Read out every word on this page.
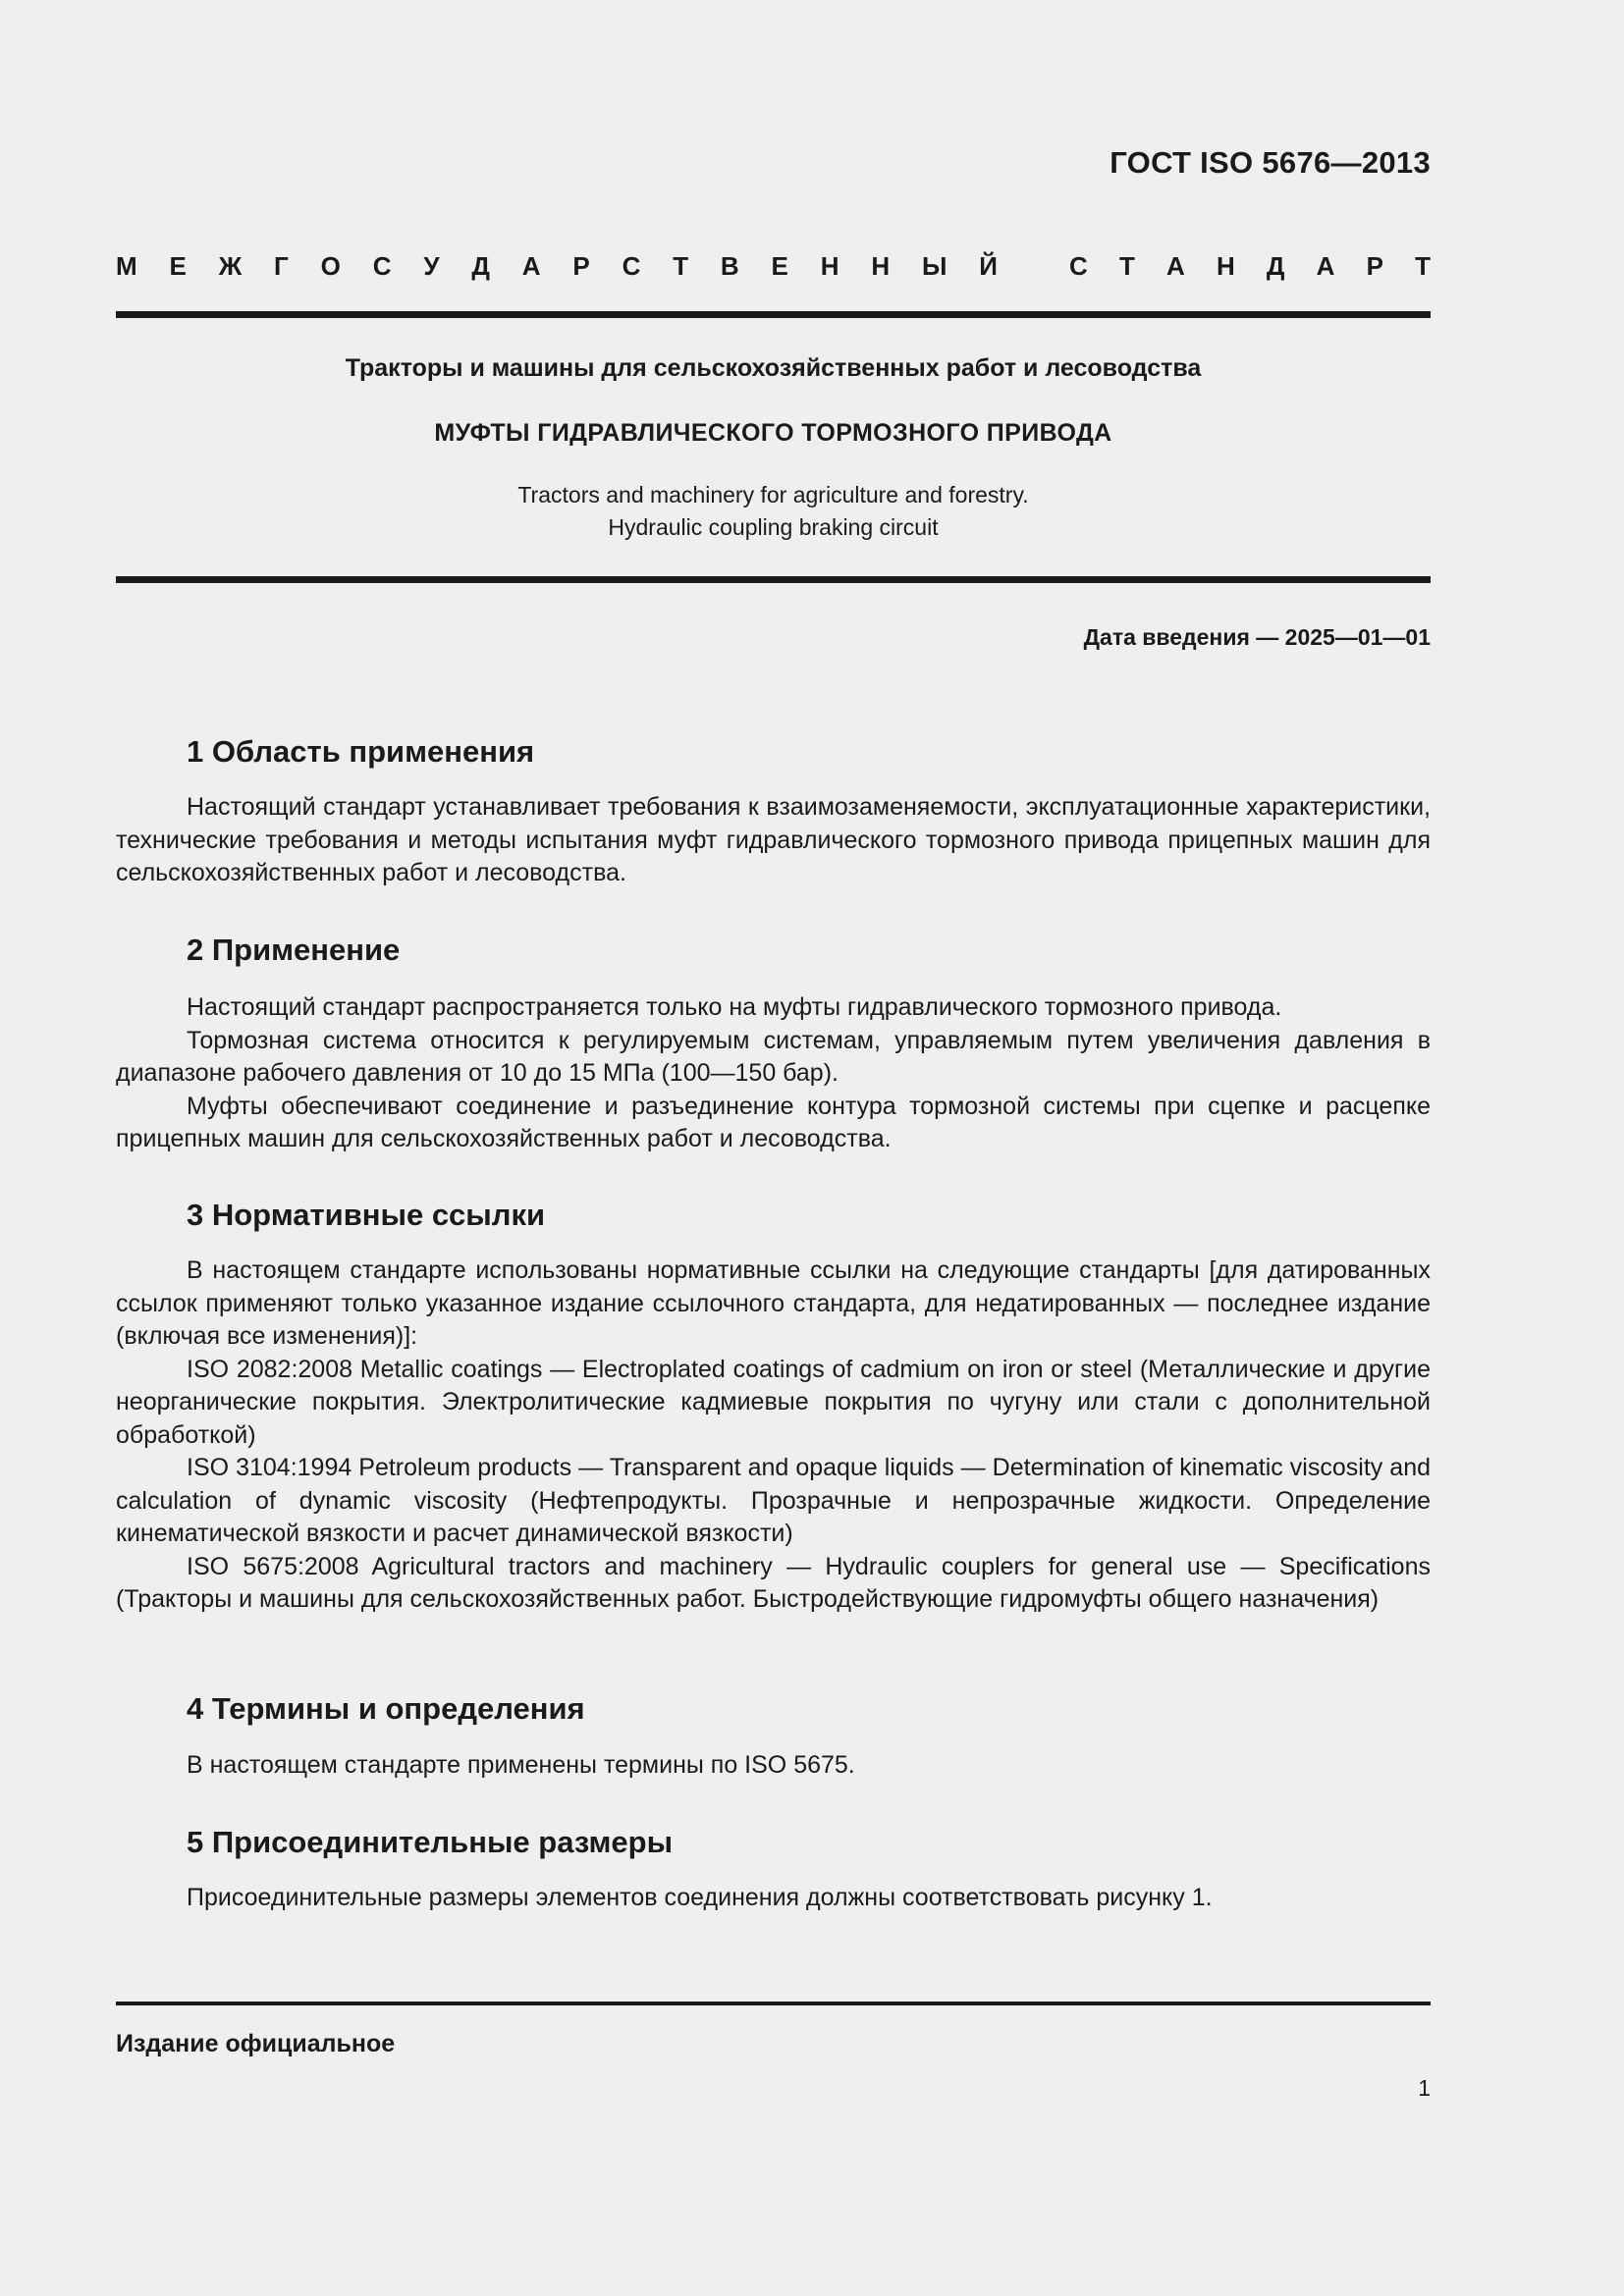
ГОСТ ISO 5676—2013
М Е Ж Г О С У Д А Р С Т В Е Н Н Ы Й	С Т А Н Д А Р Т
Тракторы и машины для сельскохозяйственных работ и лесоводства
МУФТЫ ГИДРАВЛИЧЕСКОГО ТОРМОЗНОГО ПРИВОДА
Tractors and machinery for agriculture and forestry.
Hydraulic coupling braking circuit
Дата введения — 2025—01—01
1 Область применения

Настоящий стандарт устанавливает требования к взаимозаменяемости, эксплуатационные характеристики, технические требования и методы испытания муфт гидравлического тормозного привода прицепных машин для сельскохозяйственных работ и лесоводства.

2 Применение

Настоящий стандарт распространяется только на муфты гидравлического тормозного привода.

Тормозная система относится к регулируемым системам, управляемым путем увеличения давления в диапазоне рабочего давления от 10 до 15 МПа (100—150 бар).

Муфты обеспечивают соединение и разъединение контура тормозной системы при сцепке и расцепке прицепных машин для сельскохозяйственных работ и лесоводства.

3 Нормативные ссылки

В настоящем стандарте использованы нормативные ссылки на следующие стандарты [для датированных ссылок применяют только указанное издание ссылочного стандарта, для недатированных — последнее издание (включая все изменения)]:

ISO 2082:2008 Metallic coatings — Electroplated coatings of cadmium on iron or steel (Металлические и другие неорганические покрытия. Электролитические кадмиевые покрытия по чугуну или стали с дополнительной обработкой)

ISO 3104:1994 Petroleum products — Transparent and opaque liquids — Determination of kinematic viscosity and calculation of dynamic viscosity (Нефтепродукты. Прозрачные и непрозрачные жидкости. Определение кинематической вязкости и расчет динамической вязкости)

ISO 5675:2008 Agricultural tractors and machinery — Hydraulic couplers for general use — Specifications (Тракторы и машины для сельскохозяйственных работ. Быстродействующие гидромуфты общего назначения)

4 Термины и определения

В настоящем стандарте применены термины по ISO 5675.

5 Присоединительные размеры

Присоединительные размеры элементов соединения должны соответствовать рисунку 1.

Издание официальное
1
